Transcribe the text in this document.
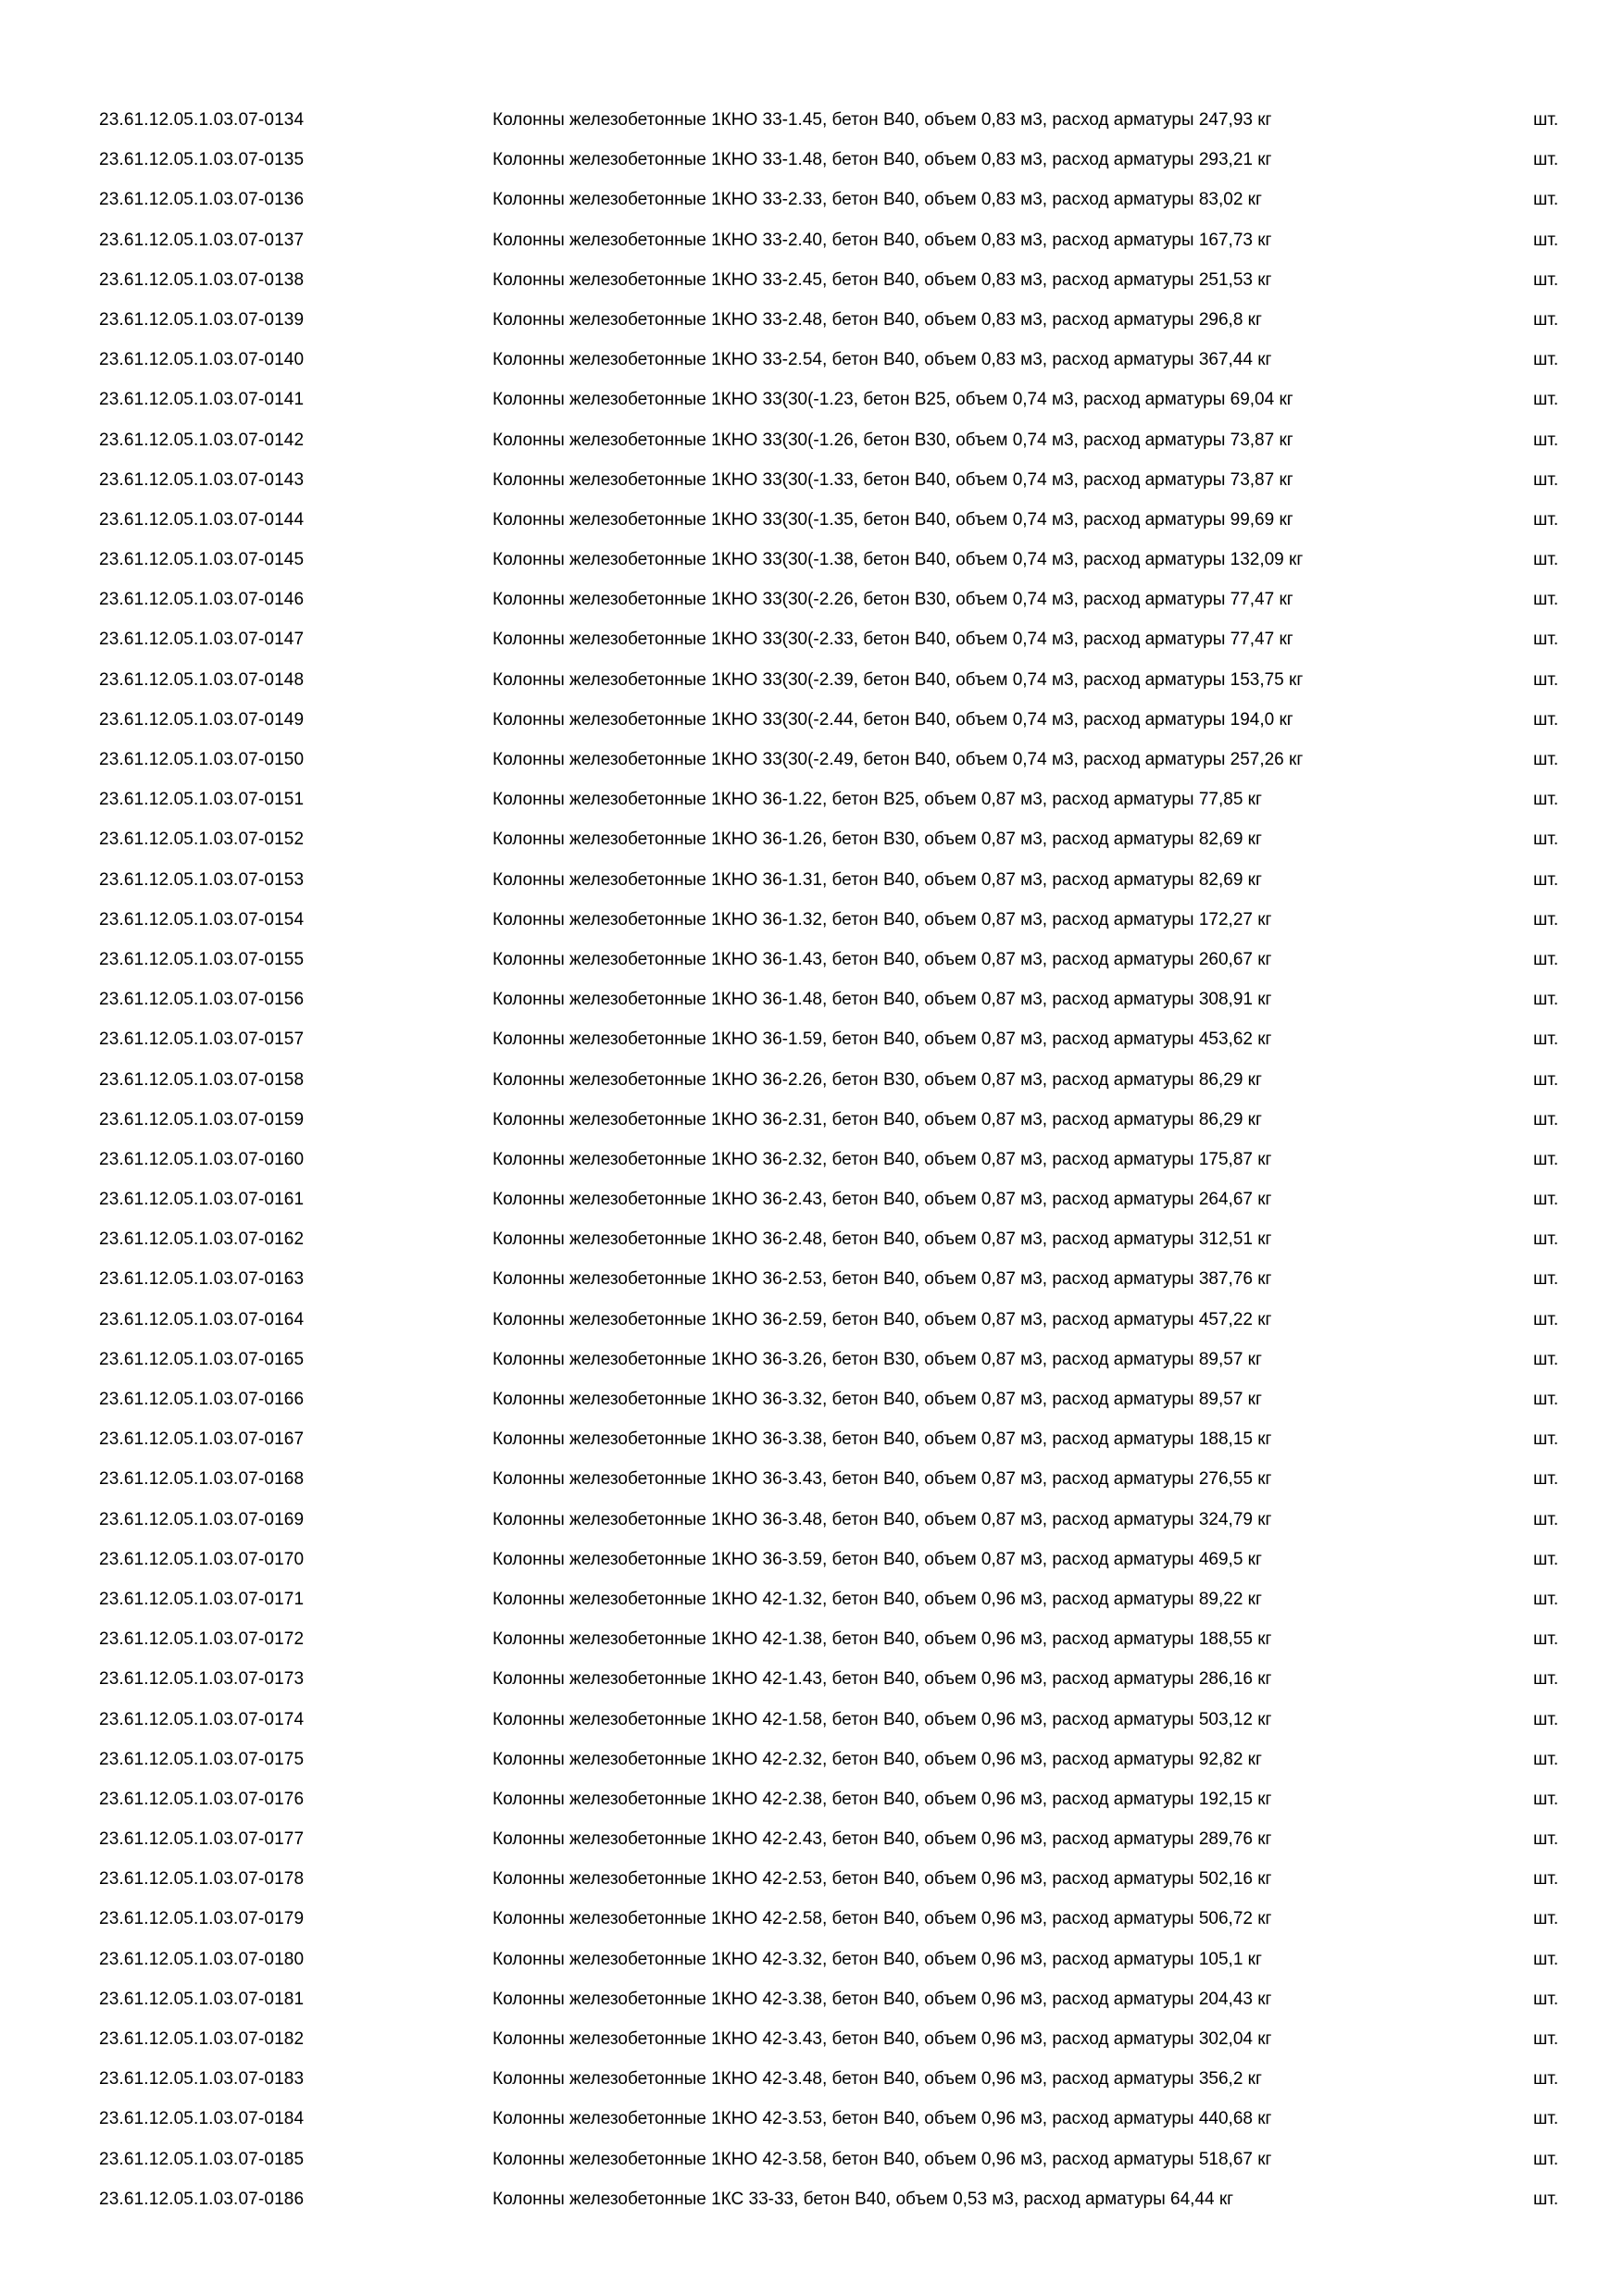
23.61.12.05.1.03.07-0134	Колонны железобетонные 1КНО 33-1.45, бетон В40, объем 0,83 м3, расход арматуры 247,93 кг	шт.
23.61.12.05.1.03.07-0135	Колонны железобетонные 1КНО 33-1.48, бетон В40, объем 0,83 м3, расход арматуры 293,21 кг	шт.
23.61.12.05.1.03.07-0136	Колонны железобетонные 1КНО 33-2.33, бетон В40, объем 0,83 м3, расход арматуры 83,02 кг	шт.
23.61.12.05.1.03.07-0137	Колонны железобетонные 1КНО 33-2.40, бетон В40, объем 0,83 м3, расход арматуры 167,73 кг	шт.
23.61.12.05.1.03.07-0138	Колонны железобетонные 1КНО 33-2.45, бетон В40, объем 0,83 м3, расход арматуры 251,53 кг	шт.
23.61.12.05.1.03.07-0139	Колонны железобетонные 1КНО 33-2.48, бетон В40, объем 0,83 м3, расход арматуры 296,8 кг	шт.
23.61.12.05.1.03.07-0140	Колонны железобетонные 1КНО 33-2.54, бетон В40, объем 0,83 м3, расход арматуры 367,44 кг	шт.
23.61.12.05.1.03.07-0141	Колонны железобетонные 1КНО 33(30(-1.23, бетон В25, объем 0,74 м3, расход арматуры 69,04 кг	шт.
23.61.12.05.1.03.07-0142	Колонны железобетонные 1КНО 33(30(-1.26, бетон В30, объем 0,74 м3, расход арматуры 73,87 кг	шт.
23.61.12.05.1.03.07-0143	Колонны железобетонные 1КНО 33(30(-1.33, бетон В40, объем 0,74 м3, расход арматуры 73,87 кг	шт.
23.61.12.05.1.03.07-0144	Колонны железобетонные 1КНО 33(30(-1.35, бетон В40, объем 0,74 м3, расход арматуры 99,69 кг	шт.
23.61.12.05.1.03.07-0145	Колонны железобетонные 1КНО 33(30(-1.38, бетон В40, объем 0,74 м3, расход арматуры 132,09 кг	шт.
23.61.12.05.1.03.07-0146	Колонны железобетонные 1КНО 33(30(-2.26, бетон В30, объем 0,74 м3, расход арматуры 77,47 кг	шт.
23.61.12.05.1.03.07-0147	Колонны железобетонные 1КНО 33(30(-2.33, бетон В40, объем 0,74 м3, расход арматуры 77,47 кг	шт.
23.61.12.05.1.03.07-0148	Колонны железобетонные 1КНО 33(30(-2.39, бетон В40, объем 0,74 м3, расход арматуры 153,75 кг	шт.
23.61.12.05.1.03.07-0149	Колонны железобетонные 1КНО 33(30(-2.44, бетон В40, объем 0,74 м3, расход арматуры 194,0 кг	шт.
23.61.12.05.1.03.07-0150	Колонны железобетонные 1КНО 33(30(-2.49, бетон В40, объем 0,74 м3, расход арматуры 257,26 кг	шт.
23.61.12.05.1.03.07-0151	Колонны железобетонные 1КНО 36-1.22, бетон В25, объем 0,87 м3, расход арматуры 77,85 кг	шт.
23.61.12.05.1.03.07-0152	Колонны железобетонные 1КНО 36-1.26, бетон В30, объем 0,87 м3, расход арматуры 82,69 кг	шт.
23.61.12.05.1.03.07-0153	Колонны железобетонные 1КНО 36-1.31, бетон В40, объем 0,87 м3, расход арматуры 82,69 кг	шт.
23.61.12.05.1.03.07-0154	Колонны железобетонные 1КНО 36-1.32, бетон В40, объем 0,87 м3, расход арматуры 172,27 кг	шт.
23.61.12.05.1.03.07-0155	Колонны железобетонные 1КНО 36-1.43, бетон В40, объем 0,87 м3, расход арматуры 260,67 кг	шт.
23.61.12.05.1.03.07-0156	Колонны железобетонные 1КНО 36-1.48, бетон В40, объем 0,87 м3, расход арматуры 308,91 кг	шт.
23.61.12.05.1.03.07-0157	Колонны железобетонные 1КНО 36-1.59, бетон В40, объем 0,87 м3, расход арматуры 453,62 кг	шт.
23.61.12.05.1.03.07-0158	Колонны железобетонные 1КНО 36-2.26, бетон В30, объем 0,87 м3, расход арматуры 86,29 кг	шт.
23.61.12.05.1.03.07-0159	Колонны железобетонные 1КНО 36-2.31, бетон В40, объем 0,87 м3, расход арматуры 86,29 кг	шт.
23.61.12.05.1.03.07-0160	Колонны железобетонные 1КНО 36-2.32, бетон В40, объем 0,87 м3, расход арматуры 175,87 кг	шт.
23.61.12.05.1.03.07-0161	Колонны железобетонные 1КНО 36-2.43, бетон В40, объем 0,87 м3, расход арматуры 264,67 кг	шт.
23.61.12.05.1.03.07-0162	Колонны железобетонные 1КНО 36-2.48, бетон В40, объем 0,87 м3, расход арматуры 312,51 кг	шт.
23.61.12.05.1.03.07-0163	Колонны железобетонные 1КНО 36-2.53, бетон В40, объем 0,87 м3, расход арматуры 387,76 кг	шт.
23.61.12.05.1.03.07-0164	Колонны железобетонные 1КНО 36-2.59, бетон В40, объем 0,87 м3, расход арматуры 457,22 кг	шт.
23.61.12.05.1.03.07-0165	Колонны железобетонные 1КНО 36-3.26, бетон В30, объем 0,87 м3, расход арматуры 89,57 кг	шт.
23.61.12.05.1.03.07-0166	Колонны железобетонные 1КНО 36-3.32, бетон В40, объем 0,87 м3, расход арматуры 89,57 кг	шт.
23.61.12.05.1.03.07-0167	Колонны железобетонные 1КНО 36-3.38, бетон В40, объем 0,87 м3, расход арматуры 188,15 кг	шт.
23.61.12.05.1.03.07-0168	Колонны железобетонные 1КНО 36-3.43, бетон В40, объем 0,87 м3, расход арматуры 276,55 кг	шт.
23.61.12.05.1.03.07-0169	Колонны железобетонные 1КНО 36-3.48, бетон В40, объем 0,87 м3, расход арматуры 324,79 кг	шт.
23.61.12.05.1.03.07-0170	Колонны железобетонные 1КНО 36-3.59, бетон В40, объем 0,87 м3, расход арматуры 469,5 кг	шт.
23.61.12.05.1.03.07-0171	Колонны железобетонные 1КНО 42-1.32, бетон В40, объем 0,96 м3, расход арматуры 89,22 кг	шт.
23.61.12.05.1.03.07-0172	Колонны железобетонные 1КНО 42-1.38, бетон В40, объем 0,96 м3, расход арматуры 188,55 кг	шт.
23.61.12.05.1.03.07-0173	Колонны железобетонные 1КНО 42-1.43, бетон В40, объем 0,96 м3, расход арматуры 286,16 кг	шт.
23.61.12.05.1.03.07-0174	Колонны железобетонные 1КНО 42-1.58, бетон В40, объем 0,96 м3, расход арматуры 503,12 кг	шт.
23.61.12.05.1.03.07-0175	Колонны железобетонные 1КНО 42-2.32, бетон В40, объем 0,96 м3, расход арматуры 92,82 кг	шт.
23.61.12.05.1.03.07-0176	Колонны железобетонные 1КНО 42-2.38, бетон В40, объем 0,96 м3, расход арматуры 192,15 кг	шт.
23.61.12.05.1.03.07-0177	Колонны железобетонные 1КНО 42-2.43, бетон В40, объем 0,96 м3, расход арматуры 289,76 кг	шт.
23.61.12.05.1.03.07-0178	Колонны железобетонные 1КНО 42-2.53, бетон В40, объем 0,96 м3, расход арматуры 502,16 кг	шт.
23.61.12.05.1.03.07-0179	Колонны железобетонные 1КНО 42-2.58, бетон В40, объем 0,96 м3, расход арматуры 506,72 кг	шт.
23.61.12.05.1.03.07-0180	Колонны железобетонные 1КНО 42-3.32, бетон В40, объем 0,96 м3, расход арматуры 105,1 кг	шт.
23.61.12.05.1.03.07-0181	Колонны железобетонные 1КНО 42-3.38, бетон В40, объем 0,96 м3, расход арматуры 204,43 кг	шт.
23.61.12.05.1.03.07-0182	Колонны железобетонные 1КНО 42-3.43, бетон В40, объем 0,96 м3, расход арматуры 302,04 кг	шт.
23.61.12.05.1.03.07-0183	Колонны железобетонные 1КНО 42-3.48, бетон В40, объем 0,96 м3, расход арматуры 356,2 кг	шт.
23.61.12.05.1.03.07-0184	Колонны железобетонные 1КНО 42-3.53, бетон В40, объем 0,96 м3, расход арматуры 440,68 кг	шт.
23.61.12.05.1.03.07-0185	Колонны железобетонные 1КНО 42-3.58, бетон В40, объем 0,96 м3, расход арматуры 518,67 кг	шт.
23.61.12.05.1.03.07-0186	Колонны железобетонные 1КС 33-33, бетон В40, объем 0,53 м3, расход арматуры 64,44 кг	шт.
